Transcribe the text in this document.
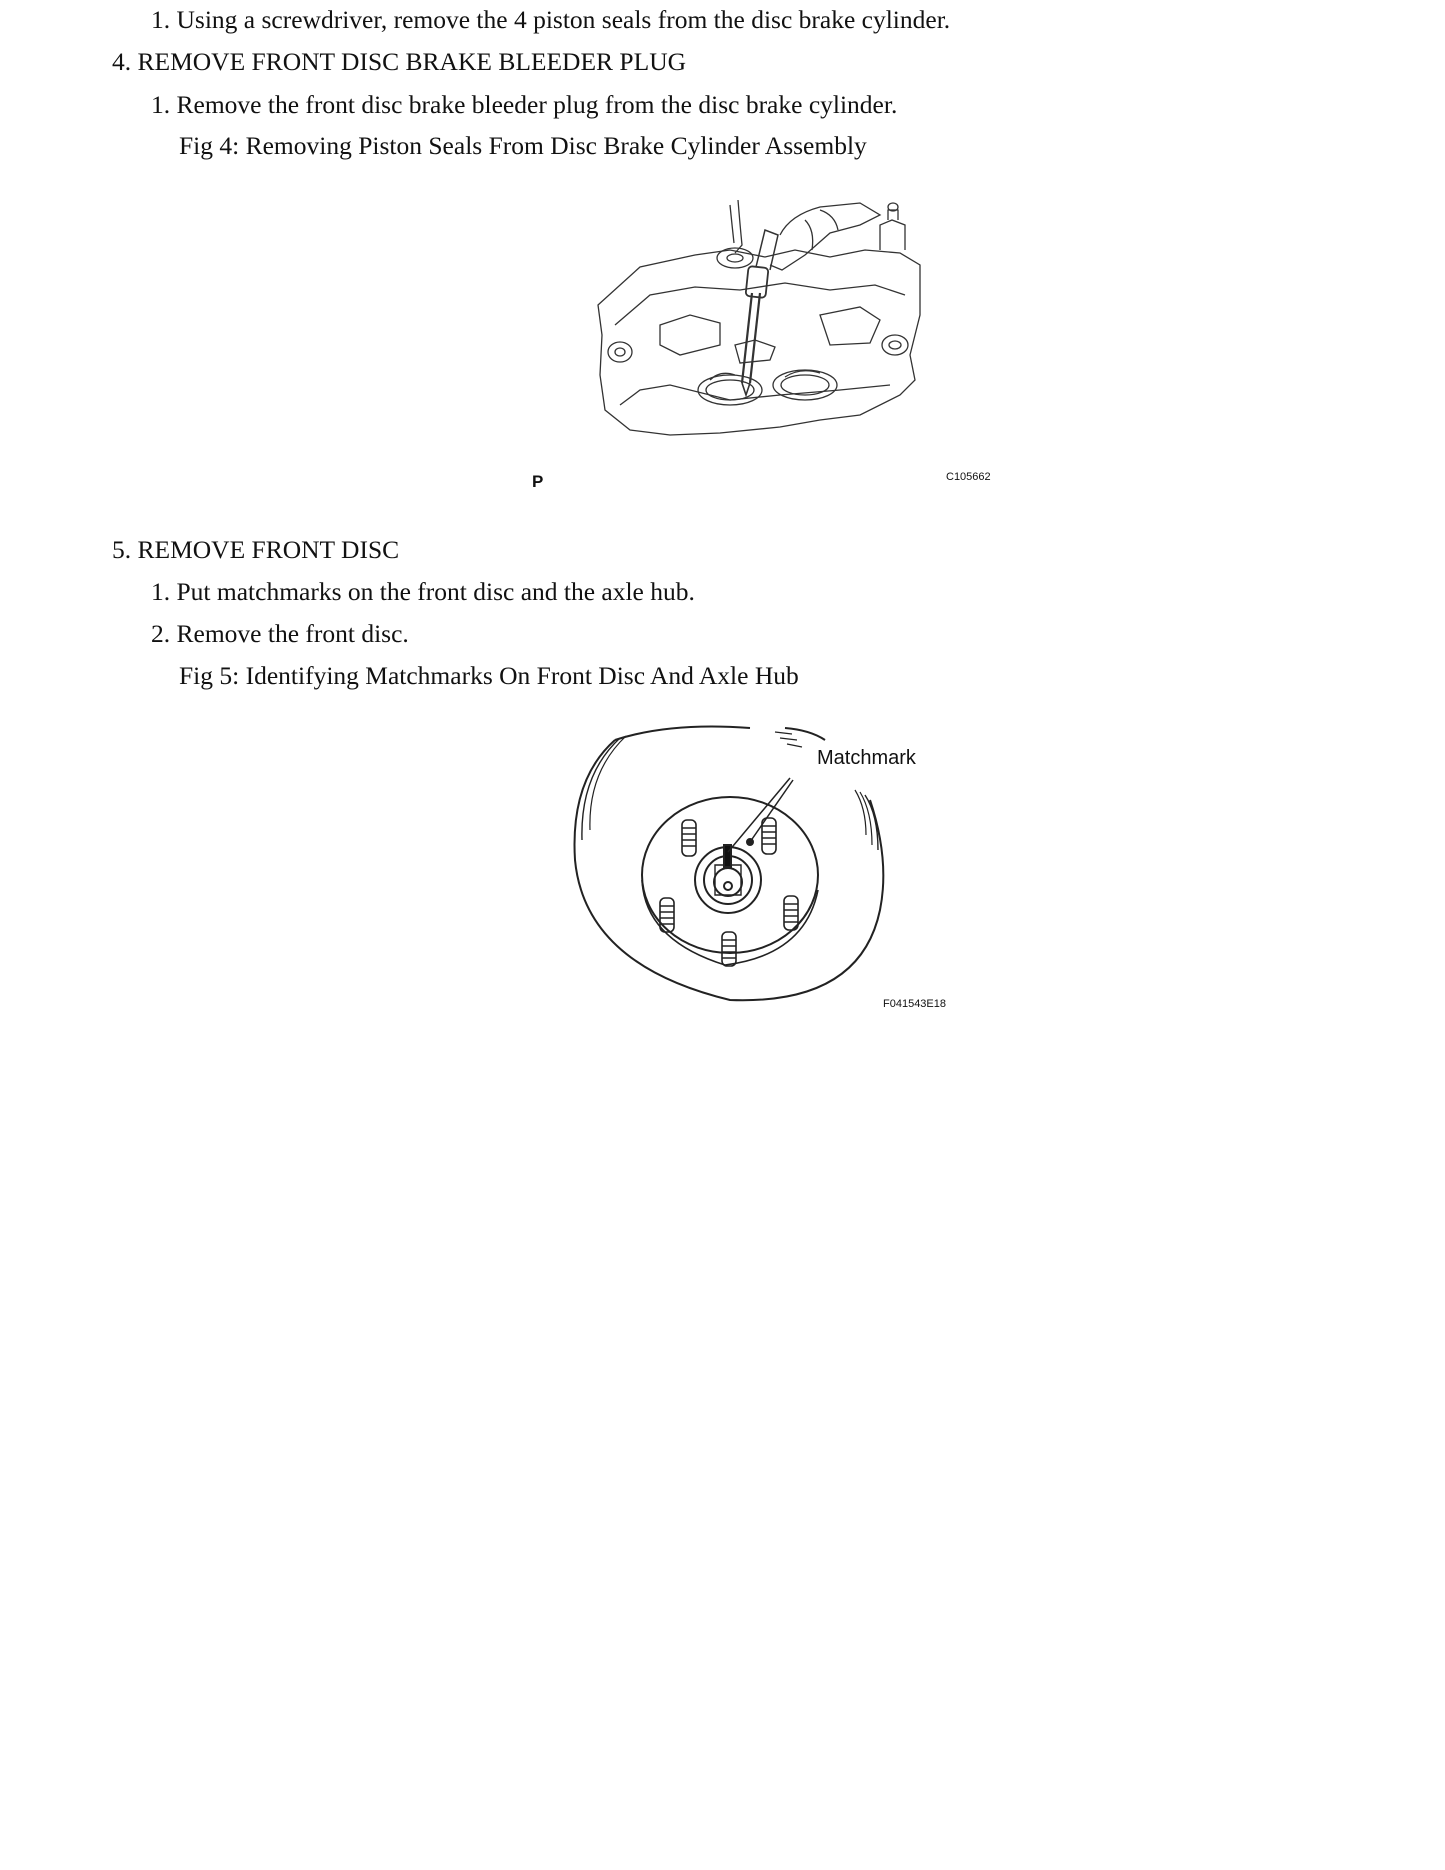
1. Using a screwdriver, remove the 4 piston seals from the disc brake cylinder.
4. REMOVE FRONT DISC BRAKE BLEEDER PLUG
1. Remove the front disc brake bleeder plug from the disc brake cylinder.
Fig 4: Removing Piston Seals From Disc Brake Cylinder Assembly
P	C105662
5. REMOVE FRONT DISC
1. Put matchmarks on the front disc and the axle hub.
2. Remove the front disc.
Fig 5: Identifying Matchmarks On Front Disc And Axle Hub
Matchmark
F041543E18
